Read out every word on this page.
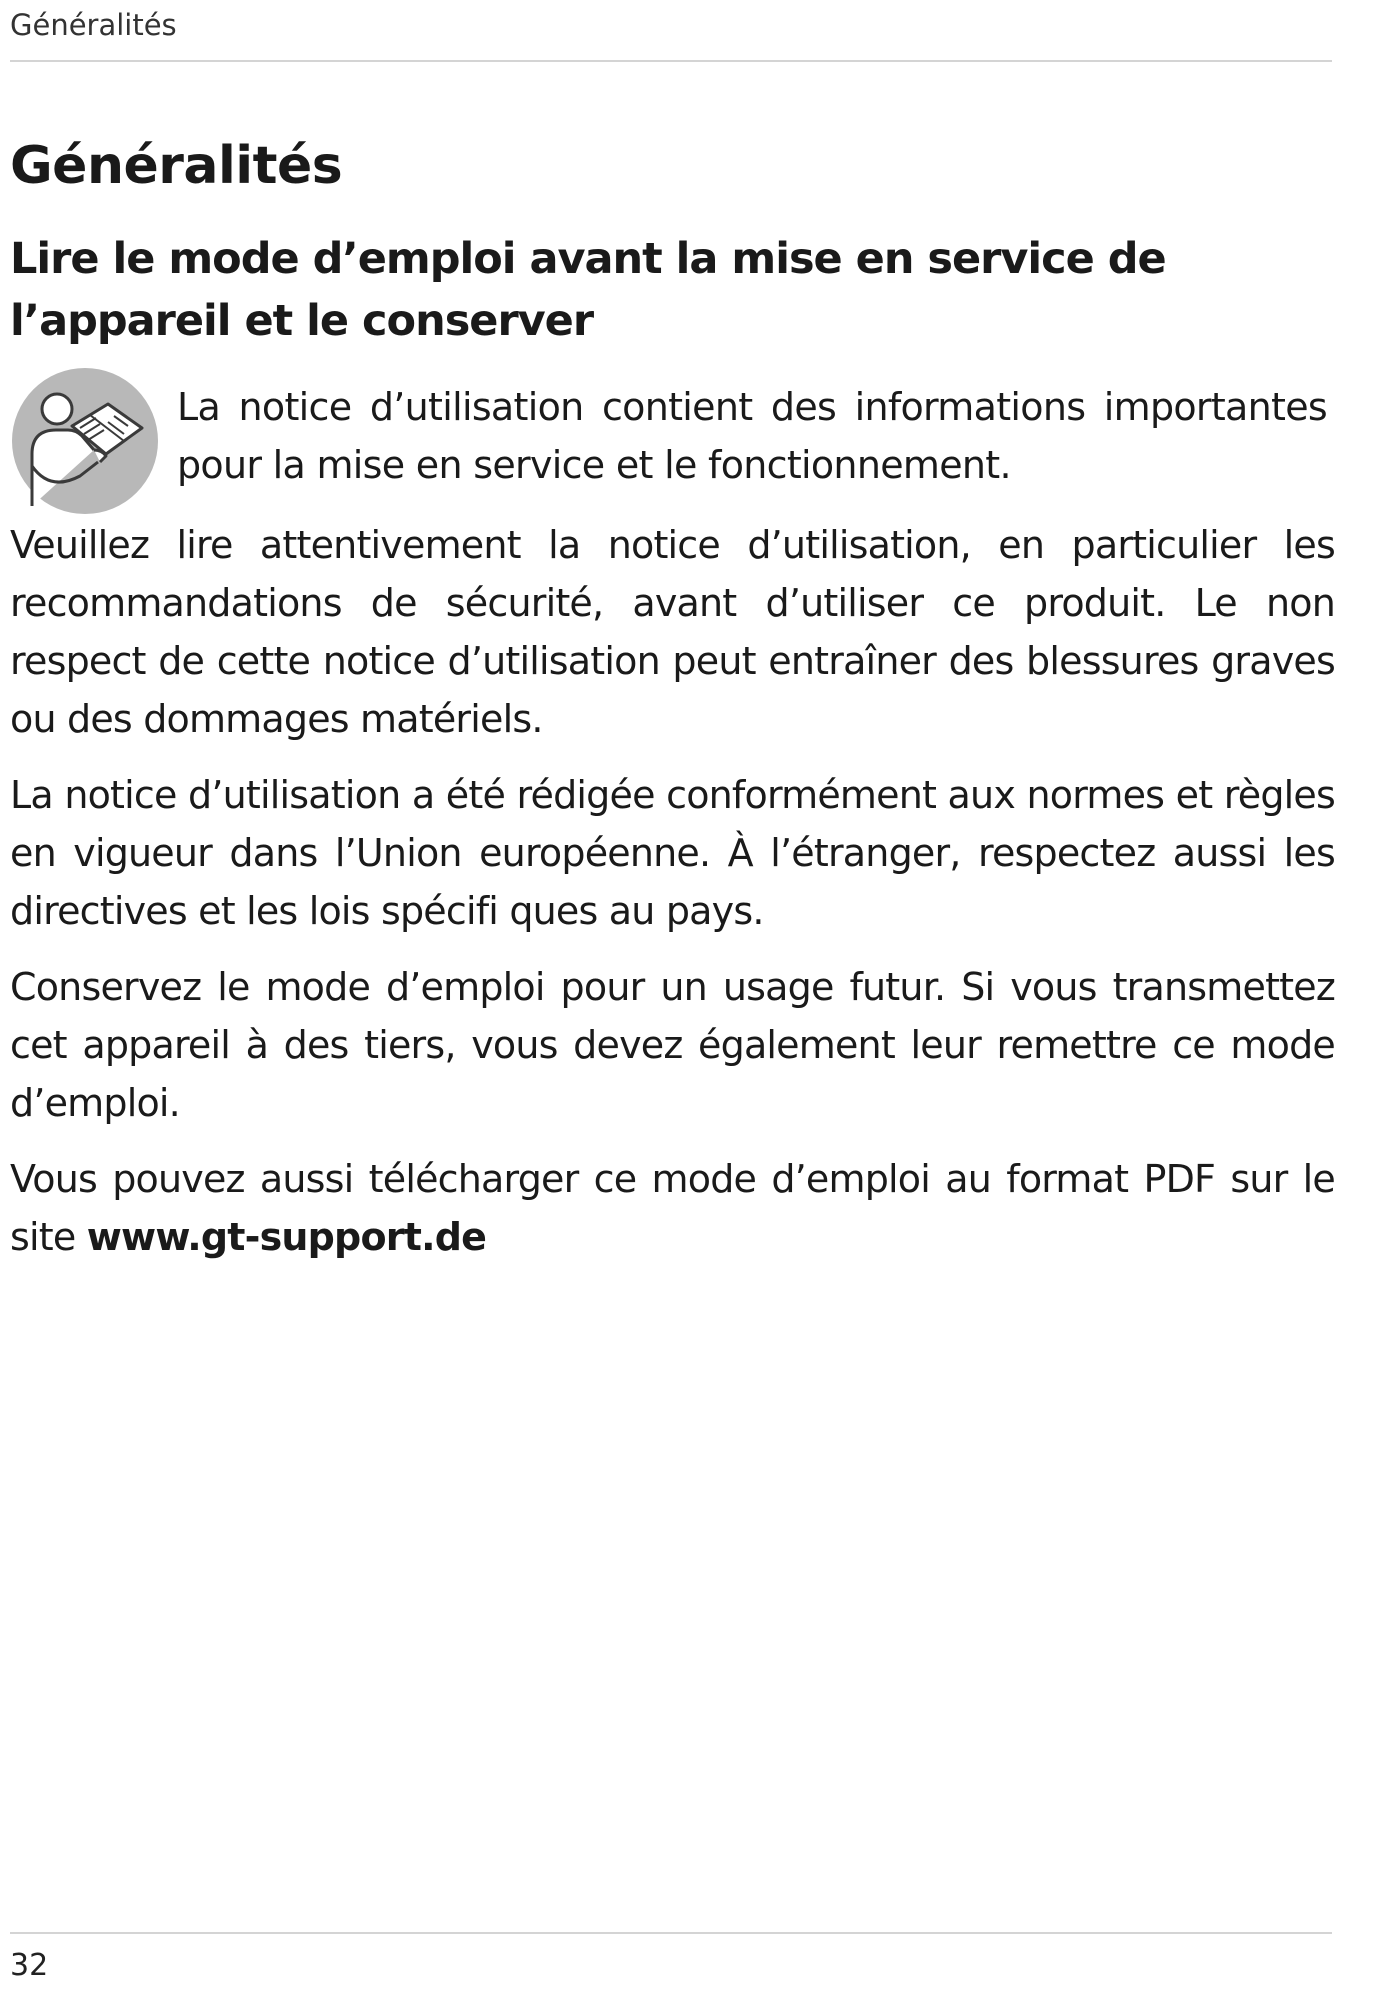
Généralités
Généralités
Lire le mode d’emploi avant la mise en service de l’appareil et le conserver

La notice d’utilisation contient des informations importantes pour la mise en service et le fonctionnement.

Veuillez lire attentivement la notice d’utilisation, en particulier les recommandations de sécurité, avant d’utiliser ce produit. Le non respect de cette notice d’utilisation peut entraîner des blessures graves ou des dommages matériels.

La notice d’utilisation a été rédigée conformément aux normes et règles en vigueur dans l’Union européenne. À l’étranger, respectez aussi les directives et les lois spécifi ques au pays.

Conservez le mode d’emploi pour un usage futur. Si vous transmettez cet appareil à des tiers, vous devez également leur remettre ce mode d’emploi.

Vous pouvez aussi télécharger ce mode d’emploi au format PDF sur le site www.gt-support.de

32
